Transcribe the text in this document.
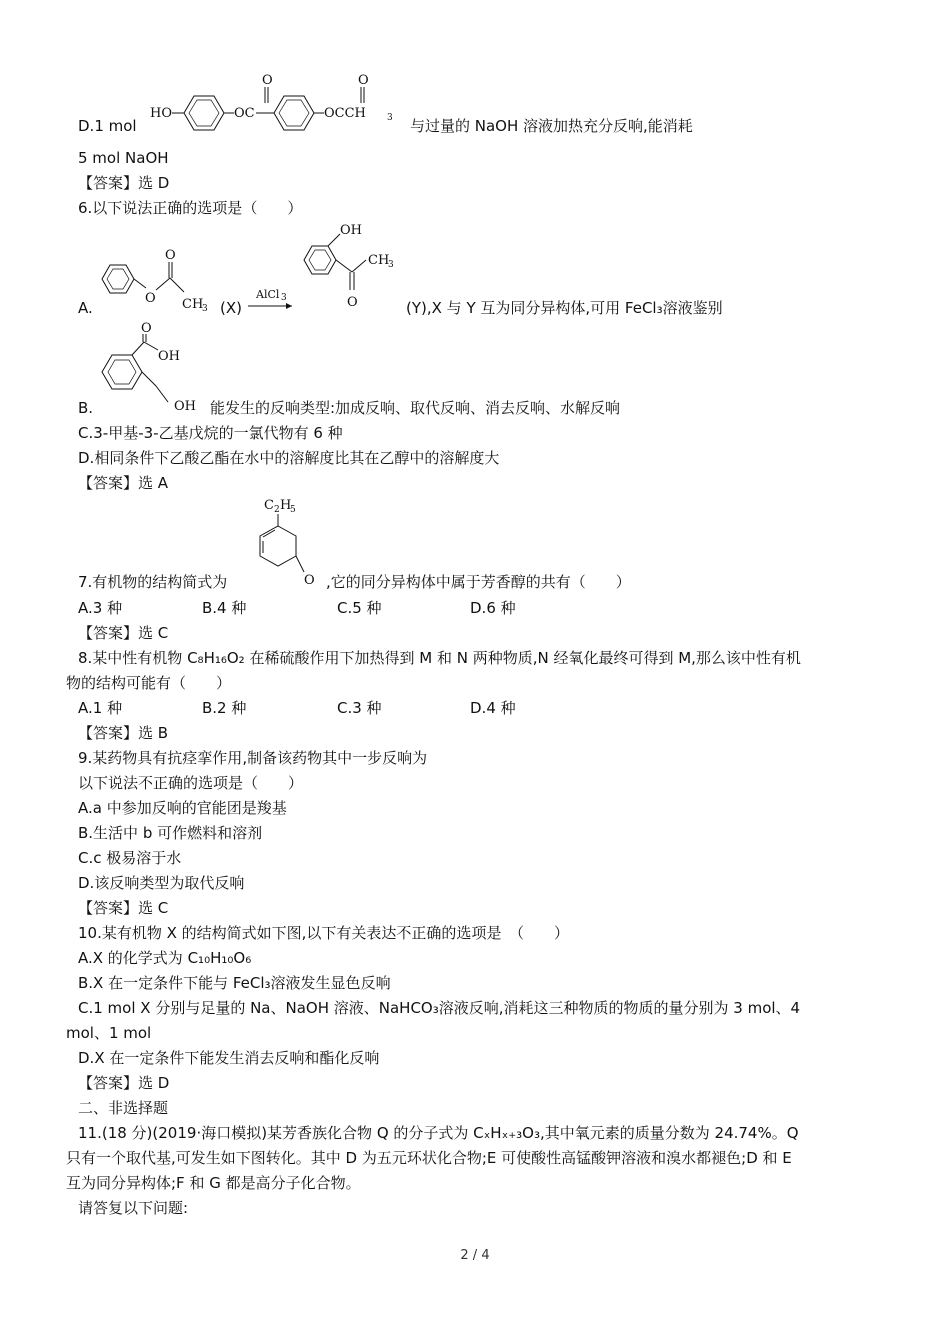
D.1 mol
HO	OC
O
OCCH 3
O
与过量的 NaOH 溶液加热充分反响,能消耗
5 mol NaOH
【答案】选 D
6.以下说法正确的选项是（　　）
A.
O
O
CH
3 (X)
AlCl 3
OH
CH
3
O	(Y),X 与 Y 互为同分异构体,可用 FeCl₃溶液鉴别
B.
O
OH
OH 能发生的反响类型:加成反响、取代反响、消去反响、水解反响
C.3-甲基-3-乙基戊烷的一氯代物有 6 种
D.相同条件下乙酸乙酯在水中的溶解度比其在乙醇中的溶解度大
【答案】选 A
7.有机物的结构简式为
C 2 H
5
O ,它的同分异构体中属于芳香醇的共有（　　）
A.3 种	B.4 种	C.5 种	D.6 种
【答案】选 C
8.某中性有机物 C₈H₁₆O₂ 在稀硫酸作用下加热得到 M 和 N 两种物质,N 经氧化最终可得到 M,那么该中性有机
物的结构可能有（　　）
A.1 种	B.2 种	C.3 种	D.4 种
【答案】选 B
9.某药物具有抗痉挛作用,制备该药物其中一步反响为
以下说法不正确的选项是（　　）
A.a 中参加反响的官能团是羧基
B.生活中 b 可作燃料和溶剂
C.c 极易溶于水
D.该反响类型为取代反响
【答案】选 C
10.某有机物 X 的结构简式如下图,以下有关表达不正确的选项是　（　　）
A.X 的化学式为 C₁₀H₁₀O₆
B.X 在一定条件下能与 FeCl₃溶液发生显色反响
C.1 mol X 分别与足量的 Na、NaOH 溶液、NaHCO₃溶液反响,消耗这三种物质的物质的量分别为 3 mol、4
mol、1 mol
D.X 在一定条件下能发生消去反响和酯化反响
【答案】选 D
二、非选择题
11.(18 分)(2019·海口模拟)某芳香族化合物 Q 的分子式为 CₓHₓ₊₃O₃,其中氧元素的质量分数为 24.74%。Q
只有一个取代基,可发生如下图转化。其中 D 为五元环状化合物;E 可使酸性高锰酸钾溶液和溴水都褪色;D 和 E
互为同分异构体;F 和 G 都是高分子化合物。
请答复以下问题:
2 / 4
